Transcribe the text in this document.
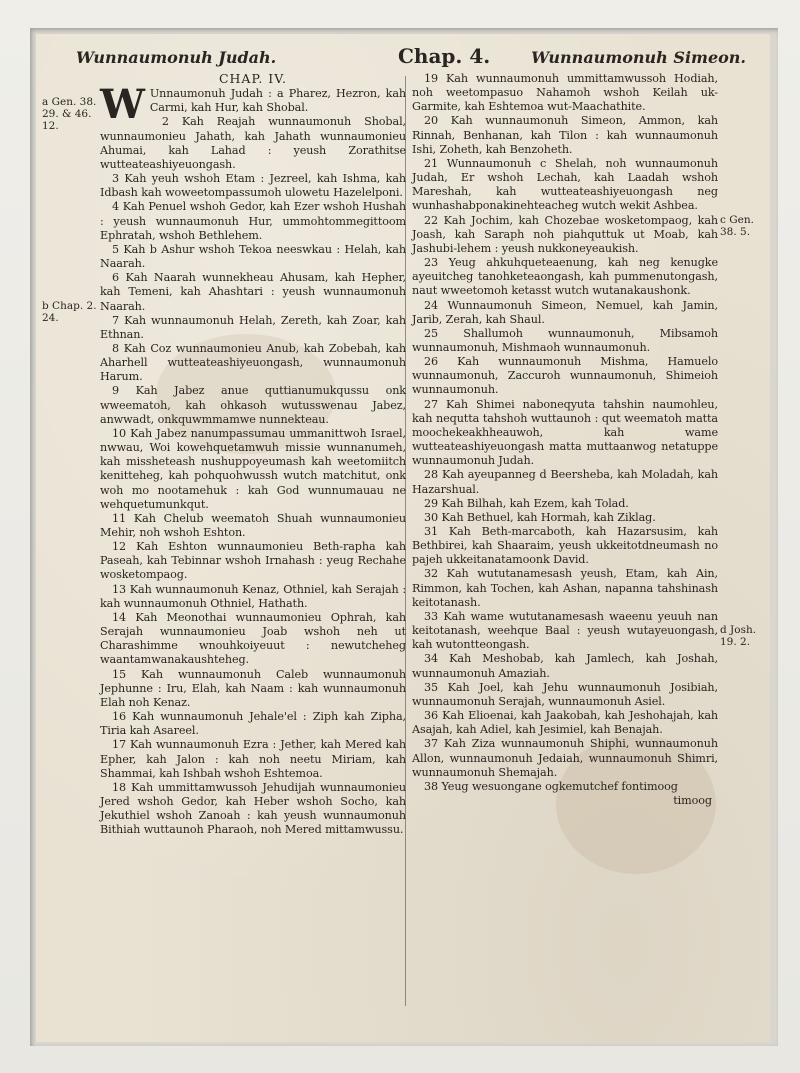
Wunnaumonuh Judah.	Chap. 4.	Wunnaumonuh Simeon.
a Gen. 38. 29. & 46. 12.
b Chap. 2. 24.
c Gen. 38. 5.
d Josh. 19. 2.

CHAP. IV.

W Unnaumonuh Judah : a Pharez, Hezron, kah Carmi, kah Hur, kah Shobal.

2 Kah Reajah wunnaumonuh Shobal, wunnaumonieu Jahath, kah Jahath wunnaumonieu Ahumai, kah Lahad : yeush Zorathitse wutteateashiyeuongash.

3 Kah yeuh wshoh Etam : Jezreel, kah Ishma, kah Idbash kah woweetompassumoh ulowetu Hazelelponi.

4 Kah Penuel wshoh Gedor, kah Ezer wshoh Hushah : yeush wunnaumonuh Hur, ummohtommegittoom Ephratah, wshoh Bethlehem.

5 Kah b Ashur wshoh Tekoa neeswkau : Helah, kah Naarah.

6 Kah Naarah wunnekheau Ahusam, kah Hepher, kah Temeni, kah Ahashtari : yeush wunnaumonuh Naarah.

7 Kah wunnaumonuh Helah, Zereth, kah Zoar, kah Ethnan.

8 Kah Coz wunnaumonieu Anub, kah Zobebah, kah Aharhell wutteateashiyeuongash, wunnaumonuh Harum.

9 Kah Jabez anue quttianumukqussu onk wweematoh, kah ohkasoh wutusswenau Jabez, anwwadt, onkquwmmamwe nunnekteau.

10 Kah Jabez nanumpassumau ummanittwoh Israel, nwwau, Woi kowehquetamwuh missie wunnanumeh, kah missheteash nushuppoyeumash kah weetomiitch kenitteheg, kah pohquohwussh wutch matchitut, onk woh mo nootamehuk : kah God wunnumauau ne wehquetumunkqut.

11 Kah Chelub weematoh Shuah wunnaumonieu Mehir, noh wshoh Eshton.

12 Kah Eshton wunnaumonieu Beth-rapha kah Paseah, kah Tebinnar wshoh Irnahash : yeug Rechahe wosketompaog.

13 Kah wunnaumonuh Kenaz, Othniel, kah Serajah : kah wunnaumonuh Othniel, Hathath.

14 Kah Meonothai wunnaumonieu Ophrah, kah Serajah wunnaumonieu Joab wshoh neh ut Charashimme wnouhkoiyeuut : newutcheheg waantamwanakaushteheg.

15 Kah wunnaumonuh Caleb wunnaumonuh Jephunne : Iru, Elah, kah Naam : kah wunnaumonuh Elah noh Kenaz.

16 Kah wunnaumonuh Jehale'el : Ziph kah Zipha, Tiria kah Asareel.

17 Kah wunnaumonuh Ezra : Jether, kah Mered kah Epher, kah Jalon : kah noh neetu Miriam, kah Shammai, kah Ishbah wshoh Eshtemoa.

18 Kah ummittamwussoh Jehudijah wunnaumonieu Jered wshoh Gedor, kah Heber wshoh Socho, kah Jekuthiel wshoh Zanoah : kah yeush wunnaumonuh Bithiah wuttaunoh Pharaoh, noh Mered mittamwussu.

19 Kah wunnaumonuh ummittamwussoh Hodiah, noh weetompasuo Nahamoh wshoh Keilah uk-Garmite, kah Eshtemoa wut-Maachathite.

20 Kah wunnaumonuh Simeon, Ammon, kah Rinnah, Benhanan, kah Tilon : kah wunnaumonuh Ishi, Zoheth, kah Benzoheth.

21 Wunnaumonuh c Shelah, noh wunnaumonuh Judah, Er wshoh Lechah, kah Laadah wshoh Mareshah, kah wutteateashiyeuongash neg wunhashabponakinehteacheg wutch wekit Ashbea.

22 Kah Jochim, kah Chozebae wosketompaog, kah Joash, kah Saraph noh piahquttuk ut Moab, kah Jashubi-lehem : yeush nukkoneyeaukish.

23 Yeug ahkuhqueteaenung, kah neg kenugke ayeuitcheg tanohketeaongash, kah pummenutongash, naut wweetomoh ketasst wutch wutanakaushonk.

24 Wunnaumonuh Simeon, Nemuel, kah Jamin, Jarib, Zerah, kah Shaul.

25 Shallumoh wunnaumonuh, Mibsamoh wunnaumonuh, Mishmaoh wunnaumonuh.

26 Kah wunnaumonuh Mishma, Hamuelo wunnaumonuh, Zaccuroh wunnaumonuh, Shimeioh wunnaumonuh.

27 Kah Shimei naboneqyuta tahshin naumohleu, kah nequtta tahshoh wuttaunoh : qut weematoh matta moochekeakhheauwoh, kah wame wutteateashiyeuongash matta muttaanwog netatuppe wunnaumonuh Judah.

28 Kah ayeupanneg d Beersheba, kah Moladah, kah Hazarshual.

29 Kah Bilhah, kah Ezem, kah Tolad.

30 Kah Bethuel, kah Hormah, kah Ziklag.

31 Kah Beth-marcaboth, kah Hazarsusim, kah Bethbirei, kah Shaaraim, yeush ukkeitotdneumash no pajeh ukkeitanatamoonk David.

32 Kah wututanamesash yeush, Etam, kah Ain, Rimmon, kah Tochen, kah Ashan, napanna tahshinash keitotanash.

33 Kah wame wututanamesash waeenu yeuuh nan keitotanash, weehque Baal : yeush wutayeuongash, kah wutontteongash.

34 Kah Meshobab, kah Jamlech, kah Joshah, wunnaumonuh Amaziah.

35 Kah Joel, kah Jehu wunnaumonuh Josibiah, wunnaumonuh Serajah, wunnaumonuh Asiel.

36 Kah Elioenai, kah Jaakobah, kah Jeshohajah, kah Asajah, kah Adiel, kah Jesimiel, kah Benajah.

37 Kah Ziza wunnaumonuh Shiphi, wunnaumonuh Allon, wunnaumonuh Jedaiah, wunnaumonuh Shimri, wunnaumonuh Shemajah.

38 Yeug wesuongane ogkemutchef fontimoog

timoog
